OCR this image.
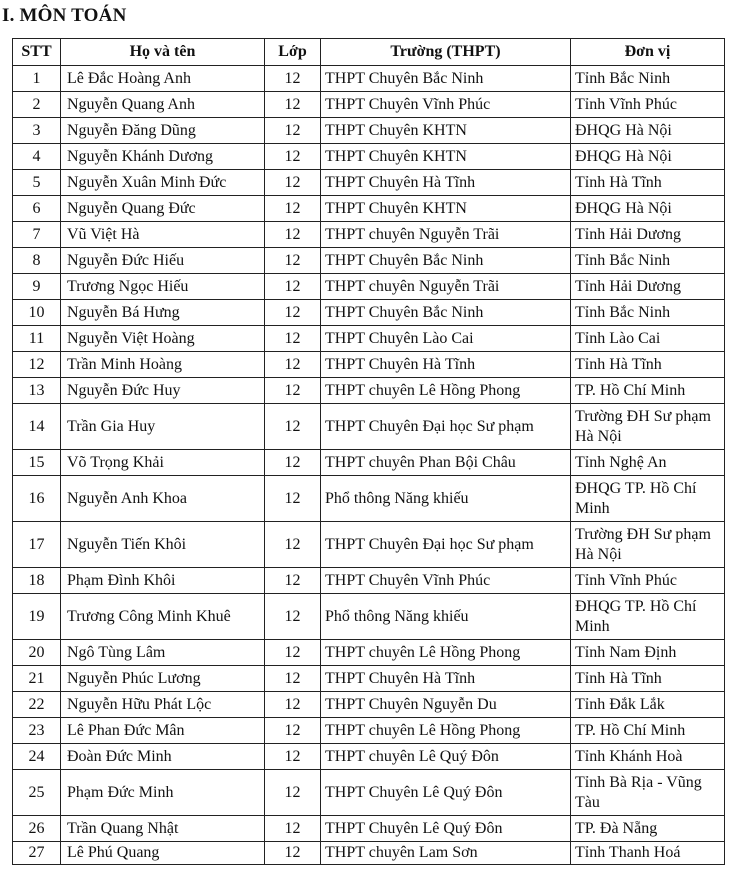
I. MÔN TOÁN
STT	Họ và tên	Lớp	Trường (THPT)	Đơn vị
1	Lê Đắc Hoàng Anh	12	THPT Chuyên Bắc Ninh	Tỉnh Bắc Ninh
2	Nguyễn Quang Anh	12	THPT Chuyên Vĩnh Phúc	Tỉnh Vĩnh Phúc
3	Nguyễn Đăng Dũng	12	THPT Chuyên KHTN	ĐHQG Hà Nội
4	Nguyễn Khánh Dương	12	THPT Chuyên KHTN	ĐHQG Hà Nội
5	Nguyễn Xuân Minh Đức	12	THPT Chuyên Hà Tĩnh	Tỉnh Hà Tĩnh
6	Nguyễn Quang Đức	12	THPT Chuyên KHTN	ĐHQG Hà Nội
7	Vũ Việt Hà	12	THPT chuyên Nguyễn Trãi	Tỉnh Hải Dương
8	Nguyễn Đức Hiếu	12	THPT Chuyên Bắc Ninh	Tỉnh Bắc Ninh
9	Trương Ngọc Hiếu	12	THPT chuyên Nguyễn Trãi	Tỉnh Hải Dương
10	Nguyễn Bá Hưng	12	THPT Chuyên Bắc Ninh	Tỉnh Bắc Ninh
11	Nguyễn Việt Hoàng	12	THPT Chuyên Lào Cai	Tỉnh Lào Cai
12	Trần Minh Hoàng	12	THPT Chuyên Hà Tĩnh	Tỉnh Hà Tĩnh
13	Nguyễn Đức Huy	12	THPT chuyên Lê Hồng Phong	TP. Hồ Chí Minh
14	Trần Gia Huy	12	THPT Chuyên Đại học Sư phạm	Trường ĐH Sư phạm Hà Nội
15	Võ Trọng Khải	12	THPT chuyên Phan Bội Châu	Tỉnh Nghệ An
16	Nguyễn Anh Khoa	12	Phổ thông Năng khiếu	ĐHQG TP. Hồ Chí Minh
17	Nguyễn Tiến Khôi	12	THPT Chuyên Đại học Sư phạm	Trường ĐH Sư phạm Hà Nội
18	Phạm Đình Khôi	12	THPT Chuyên Vĩnh Phúc	Tỉnh Vĩnh Phúc
19	Trương Công Minh Khuê	12	Phổ thông Năng khiếu	ĐHQG TP. Hồ Chí Minh
20	Ngô Tùng Lâm	12	THPT chuyên Lê Hồng Phong	Tỉnh Nam Định
21	Nguyễn Phúc Lương	12	THPT Chuyên Hà Tĩnh	Tỉnh Hà Tĩnh
22	Nguyễn Hữu Phát Lộc	12	THPT Chuyên Nguyễn Du	Tỉnh Đắk Lắk
23	Lê Phan Đức Mân	12	THPT chuyên Lê Hồng Phong	TP. Hồ Chí Minh
24	Đoàn Đức Minh	12	THPT chuyên Lê Quý Đôn	Tỉnh Khánh Hoà
25	Phạm Đức Minh	12	THPT Chuyên Lê Quý Đôn	Tỉnh Bà Rịa - Vũng Tàu
26	Trần Quang Nhật	12	THPT Chuyên Lê Quý Đôn	TP. Đà Nẵng
27	Lê Phú Quang	12	THPT chuyên Lam Sơn	Tỉnh Thanh Hoá
